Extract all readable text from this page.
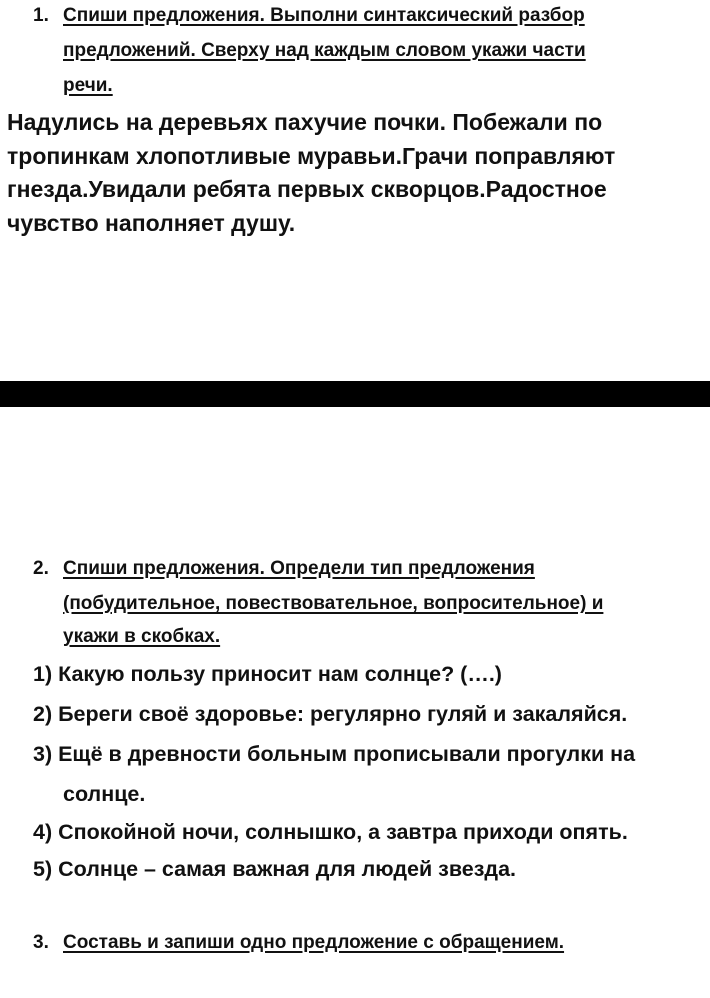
1. Спиши предложения. Выполни синтаксический разбор
предложений. Сверху над каждым словом укажи части
речи.
Надулись на деревьях пахучие почки. Побежали по
тропинкам хлопотливые муравьи.Грачи поправляют
гнезда.Увидали ребята первых скворцов.Радостное
чувство наполняет душу.
2. Спиши предложения. Определи тип предложения
(побудительное, повествовательное, вопросительное) и
укажи в скобках.
1) Какую пользу приносит нам солнце? (….)
2) Береги своё здоровье: регулярно гуляй и закаляйся.
3) Ещё в древности больным прописывали прогулки на
солнце.
4) Спокойной ночи, солнышко, а завтра приходи опять.
5) Солнце – самая важная для людей звезда.
3. Составь и запиши одно предложение с обращением.
